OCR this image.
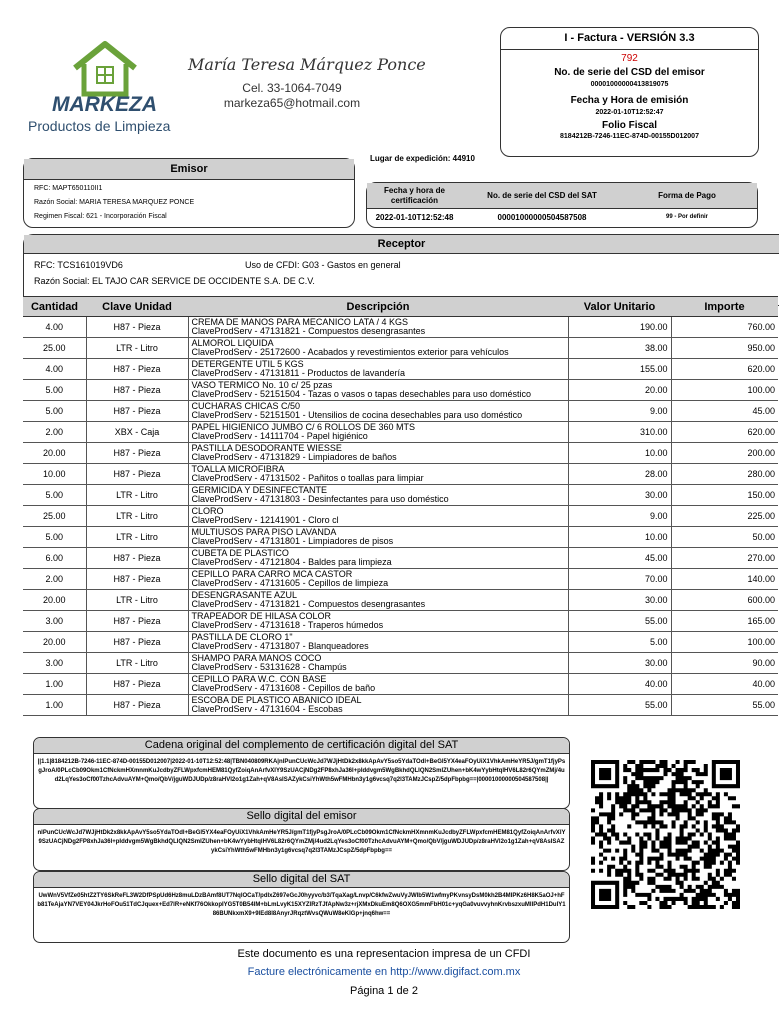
MARKEZA
Productos de Limpieza
María Teresa Márquez Ponce
Cel. 33-1064-7049
markeza65@hotmail.com
I - Factura - VERSIÓN 3.3
792
No. de serie del CSD del emisor
00001000000413819075
Fecha y Hora de emisión
2022-01-10T12:52:47
Folio Fiscal
8184212B-7246-11EC-874D-00155D012007
Lugar de expedición: 44910
Emisor
RFC: MAPT650110II1
Razón Social: MARIA TERESA MARQUEZ PONCE
Regimen Fiscal: 621 - Incorporación Fiscal
Fecha y hora de certificación
No. de serie del CSD del SAT	Forma de Pago
2022-01-10T12:52:48	00001000000504587508	99 - Por definir
Receptor
RFC: TCS161019VD6	Uso de CFDI: G03 - Gastos en general
Razón Social: EL TAJO CAR SERVICE DE OCCIDENTE S.A. DE C.V.
Cantidad	Clave Unidad	Descripción	Valor Unitario	Importe
4.00	H87 - Pieza	CREMA DE MANOS PARA MECANICO LATA / 4 KGS
ClaveProdServ - 47131821 - Compuestos desengrasantes	190.00	760.00
25.00	LTR - Litro	ALMOROL LIQUIDA
ClaveProdServ - 25172600 - Acabados y revestimientos exterior para vehículos	38.00	950.00
4.00	H87 - Pieza	DETERGENTE UTIL 5 KGS
ClaveProdServ - 47131811 - Productos de lavandería	155.00	620.00
5.00	H87 - Pieza	VASO TERMICO No. 10 c/ 25 pzas
ClaveProdServ - 52151504 - Tazas o vasos o tapas desechables para uso doméstico	20.00	100.00
5.00	H87 - Pieza	CUCHARAS CHICAS C/50
ClaveProdServ - 52151501 - Utensilios de cocina desechables para uso doméstico	9.00	45.00
2.00	XBX - Caja	PAPEL HIGIENICO JUMBO C/ 6 ROLLOS DE 360 MTS
ClaveProdServ - 14111704 - Papel higiénico	310.00	620.00
20.00	H87 - Pieza	PASTILLA DESODORANTE WIESSE
ClaveProdServ - 47131829 - Limpiadores de baños	10.00	200.00
10.00	H87 - Pieza	TOALLA MICROFIBRA
ClaveProdServ - 47131502 - Pañitos o toallas para limpiar	28.00	280.00
5.00	LTR - Litro	GERMICIDA Y DESINFECTANTE
ClaveProdServ - 47131803 - Desinfectantes para uso doméstico	30.00	150.00
25.00	LTR - Litro	CLORO
ClaveProdServ - 12141901 - Cloro cl	9.00	225.00
5.00	LTR - Litro	MULTIUSOS PARA PISO LAVANDA
ClaveProdServ - 47131801 - Limpiadores de pisos	10.00	50.00
6.00	H87 - Pieza	CUBETA DE PLASTICO
ClaveProdServ - 47121804 - Baldes para limpieza	45.00	270.00
2.00	H87 - Pieza	CEPILLO PARA CARRO MCA CASTOR
ClaveProdServ - 47131605 - Cepillos de limpieza	70.00	140.00
20.00	LTR - Litro	DESENGRASANTE AZUL
ClaveProdServ - 47131821 - Compuestos desengrasantes	30.00	600.00
3.00	H87 - Pieza	TRAPEADOR DE HILASA COLOR
ClaveProdServ - 47131618 - Traperos húmedos	55.00	165.00
20.00	H87 - Pieza	PASTILLA DE CLORO 1"
ClaveProdServ - 47131807 - Blanqueadores	5.00	100.00
3.00	LTR - Litro	SHAMPO PARA MANOS COCO
ClaveProdServ - 53131628 - Champús	30.00	90.00
1.00	H87 - Pieza	CEPILLO PARA W.C. CON BASE
ClaveProdServ - 47131608 - Cepillos de baño	40.00	40.00
1.00	H87 - Pieza	ESCOBA DE PLASTICO ABANICO IDEAL
ClaveProdServ - 47131604 - Escobas	55.00	55.00
Cadena original del complemento de certificación digital del SAT
||1.1|8184212B-7246-11EC-874D-00155D012007|2022-01-10T12:52:48|TBN040809RKA|nlPunCUcWcJd7WJjHtDk2x8kkApAvY5so5YdaTOdl+BeGl5YX4eaFOyUiX1VhkAmHeYR5J/gmT1fjyPsgJroA/0PLcCb09Okm1CfNckmHXmnmKuJcdbyZFLWpxfcmHEM81QyfZoiqAnArfvXlY9SzUACjNDg2FP8xhJa36l+pIddvgm5WgBkhdQLIQN2SmIZUhen+bK4wYybHtqlHV6L82r6QYmZMj/4ud2LqYes3oCf00TzhcAdvuAYM+Qmo/QbV/jguWDJUDp/z8raHVl2o1g1Zah+qV8AsISAZykCsiYhWth5wFMHbn3y1g6vcsq7q2l3TAMzJCspZ/5dpFbpbg==|00001000000504587508||
Sello digital del emisor
nlPunCUcWcJd7WJjHtDk2x8kkApAvY5so5YdaTOdl+BeGl5YX4eaFOyUiX1VhkAmHeYR5J/gmT1fjyPsgJroA/0PLcCb09Okm1CfNckmHXmnmKuJcdbyZFLWpxfcmHEM81QyfZoiqAnArfvXlY9SzUACjNDg2FP8xhJa36l+pIddvgm5WgBkhdQLIQN2SmIZUhen+bK4wYybHtqlHV6L82r6QYmZMj/4ud2LqYes3oCf00TzhcAdvuAYM+Qmo/QbV/jguWDJUDp/z8raHVl2o1g1Zah+qV8AsISAZykCsiYhWth5wFMHbn3y1g6vcsq7q2l3TAMzJCspZ/5dpFbpbg==
Sello digital del SAT
UwWnV5VfZe05htZ2TY6SkReFL3W2DfPSpUd6Hz8muLDzBAmf8UT7NqlOCaT/pdlxZ697eGcJ0hyyvc/b3/TqaXag/Lnvp/C6kfwZwuVyJWlb5W1wfmyPKvnsyDsM0kh2B4MIPKz6H8K5aOJ+hFb81TeAjaYN7VEY04JkrHoFOu51TdCJquex+Ed7lR+eNKf76OkkopIYG5T0B54lM+bLmLvyK15XYZlRzTJfApNw3z+rjXMxDkuEm8Q6OXG5mmFbH01c+yqGa0vuvvyhnKrvbszxuMIlPdH1DuIY186BUNkxmX9+9lEd8l8AnyrJRqztWvsQWuW8eKIGp+jnq6hw==
Este documento es una representacion impresa de un CFDI
Facture electrónicamente en http://www.digifact.com.mx
Página 1 de 2
